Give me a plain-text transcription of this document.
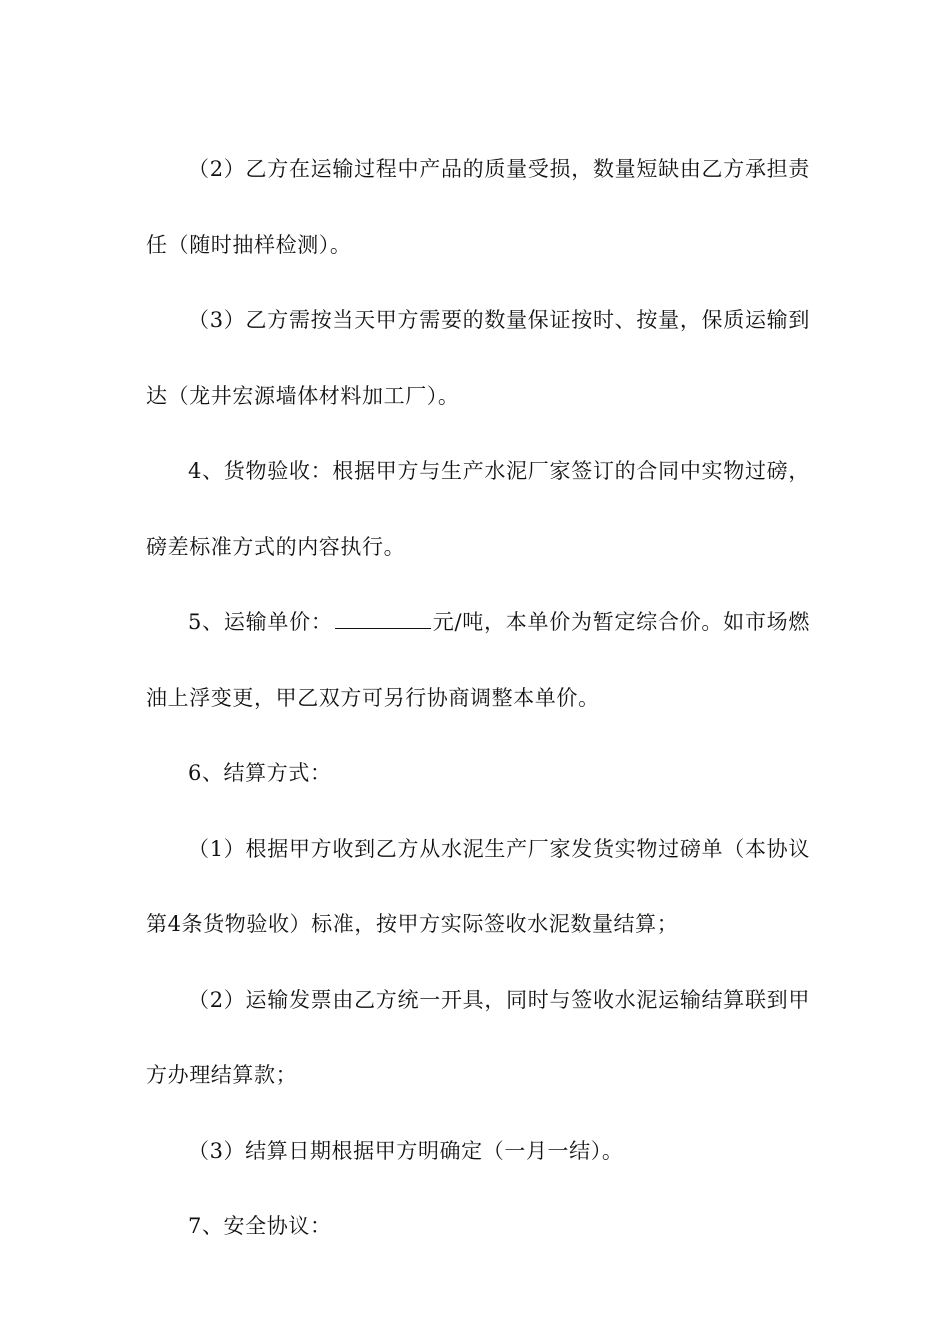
（2）乙方在运输过程中产品的质量受损，数量短缺由乙方承担责任（随时抽样检测）。

（3）乙方需按当天甲方需要的数量保证按时、按量，保质运输到达（龙井宏源墙体材料加工厂）。

4、货物验收：根据甲方与生产水泥厂家签订的合同中实物过磅，磅差标准方式的内容执行。

5、运输单价：	元/吨，本单价为暂定综合价。如市场燃油上浮变更，甲乙双方可另行协商调整本单价。

6、结算方式：

（1）根据甲方收到乙方从水泥生产厂家发货实物过磅单（本协议第4条货物验收）标准，按甲方实际签收水泥数量结算；

（2）运输发票由乙方统一开具，同时与签收水泥运输结算联到甲方办理结算款；

（3）结算日期根据甲方明确定（一月一结）。

7、安全协议：
